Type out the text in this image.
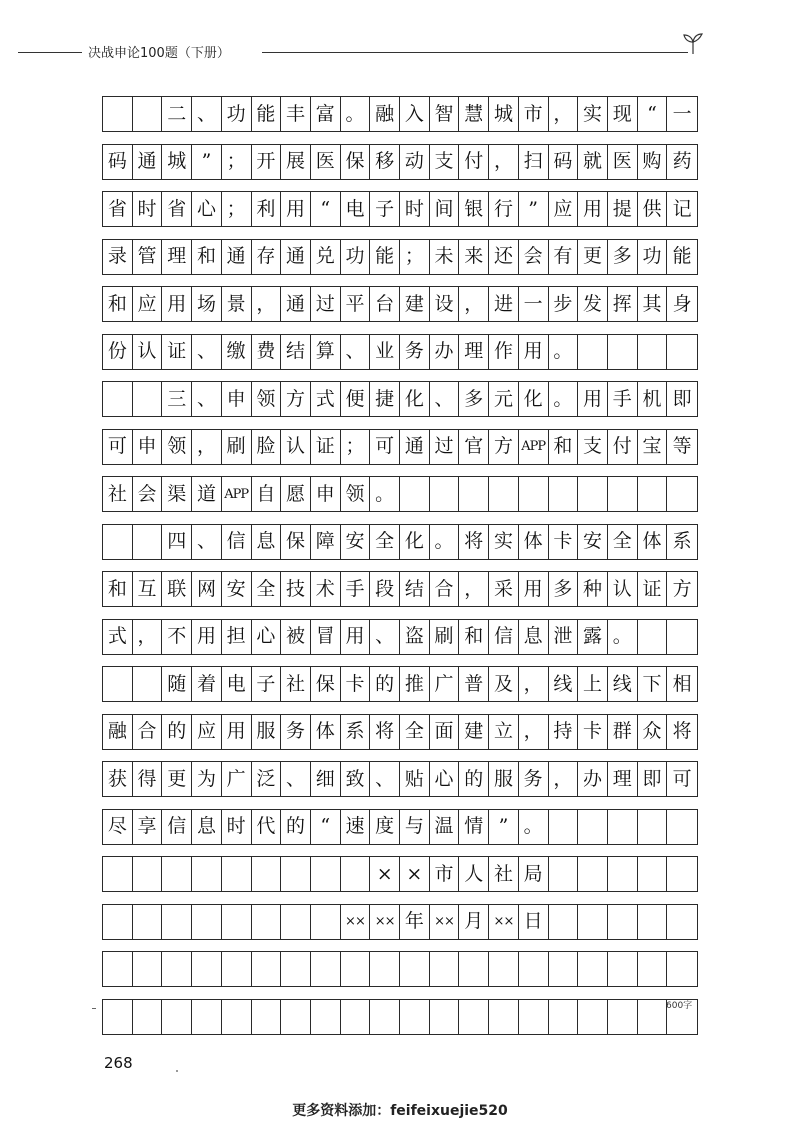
决战申论100题（下册）
二 、 功 能 丰 富 。 融 入 智 慧 城 市 ， 实 现 “ 一
码 通 城 ” ； 开 展 医 保 移 动 支 付 ， 扫 码 就 医 购 药
省 时 省 心 ； 利 用 “ 电 子 时 间 银 行 ” 应 用 提 供 记
录 管 理 和 通 存 通 兑 功 能 ； 未 来 还 会 有 更 多 功 能
和 应 用 场 景 ， 通 过 平 台 建 设 ， 进 一 步 发 挥 其 身
份 认 证 、 缴 费 结 算 、 业 务 办 理 作 用 。
三 、 申 领 方 式 便 捷 化 、 多 元 化 。 用 手 机 即
可 申 领 ， 刷 脸 认 证 ； 可 通 过 官 方 APP 和 支 付 宝 等
社 会 渠 道 APP 自 愿 申 领 。
四 、 信 息 保 障 安 全 化 。 将 实 体 卡 安 全 体 系
和 互 联 网 安 全 技 术 手 段 结 合 ， 采 用 多 种 认 证 方
式 ， 不 用 担 心 被 冒 用 、 盗 刷 和 信 息 泄 露 。
随 着 电 子 社 保 卡 的 推 广 普 及 ， 线 上 线 下 相
融 合 的 应 用 服 务 体 系 将 全 面 建 立 ， 持 卡 群 众 将
获 得 更 为 广 泛 、 细 致 、 贴 心 的 服 务 ， 办 理 即 可
尽 享 信 息 时 代 的 “ 速 度 与 温 情 ” 。
× × 市 人 社 局
×× ×× 年 ×× 月 ×× 日
600字
268
更多资料添加：feifeixuejie520
